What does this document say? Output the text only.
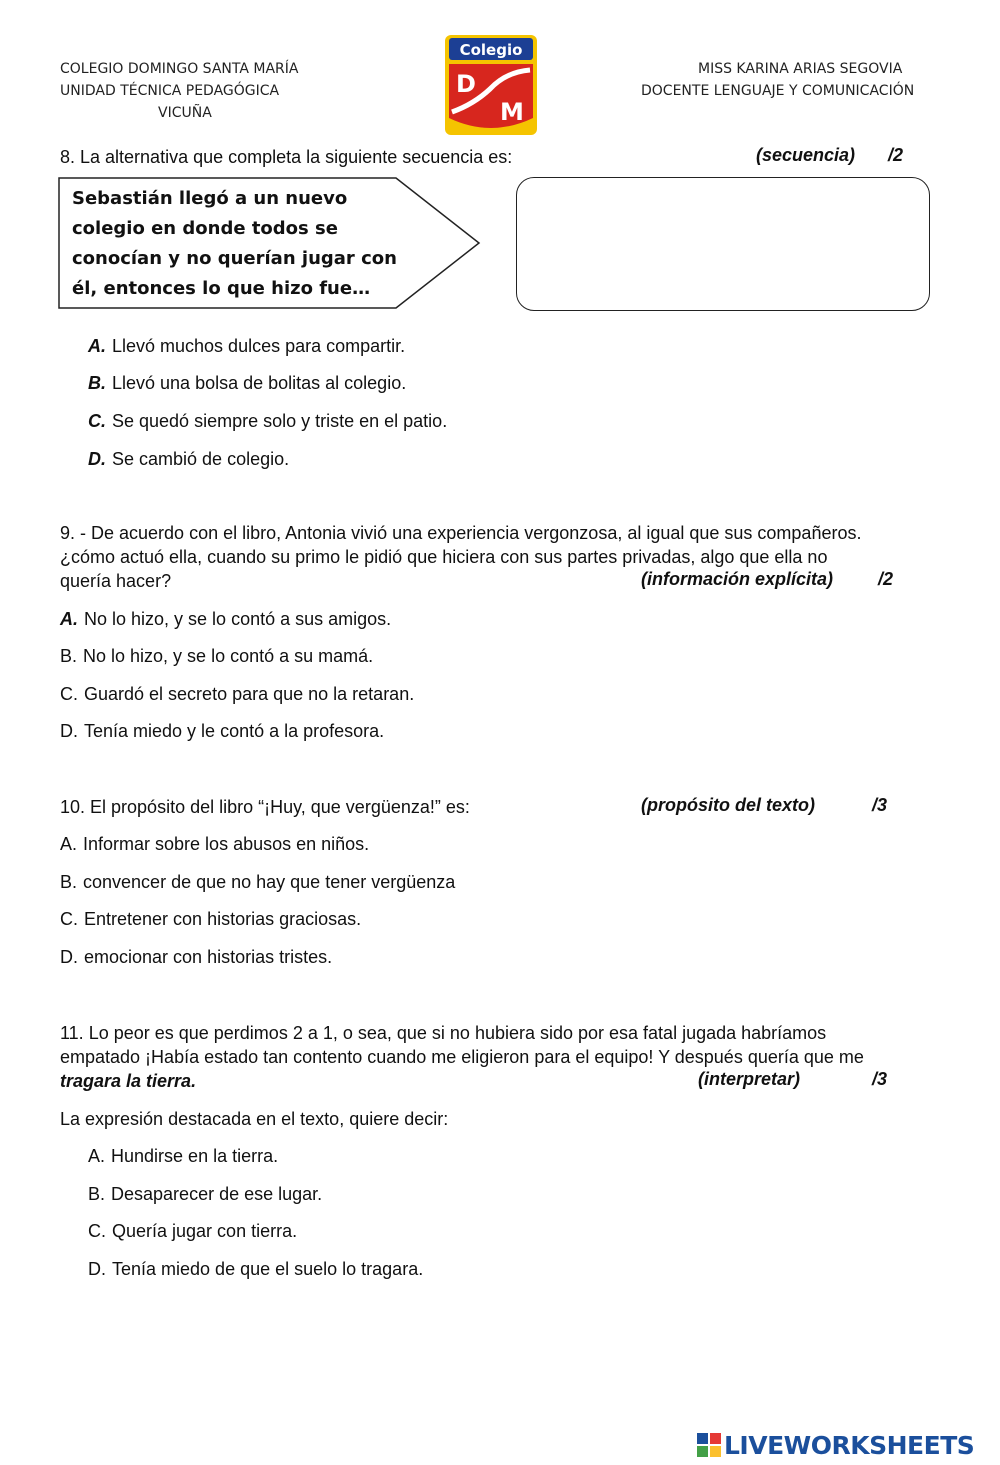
COLEGIO DOMINGO SANTA MARÍA
UNIDAD TÉCNICA PEDAGÓGICA
VICUÑA
MISS KARINA ARIAS SEGOVIA
DOCENTE LENGUAJE Y COMUNICACIÓN
Colegio
D
M
8. La alternativa que completa la siguiente secuencia es:	(secuencia) /2
Sebastián llegó a un nuevo colegio en donde todos se conocían y no querían jugar con él, entonces lo que hizo fue…
A. Llevó muchos dulces para compartir.
B. Llevó una bolsa de bolitas al colegio.
C. Se quedó siempre solo y triste en el patio.
D. Se cambió de colegio.
9. - De acuerdo con el libro, Antonia vivió una experiencia vergonzosa, al igual que sus compañeros.
¿cómo actuó ella, cuando su primo le pidió que hiciera con sus partes privadas, algo que ella no
quería hacer?	(información explícita) /2
A. No lo hizo, y se lo contó a sus amigos.
B. No lo hizo, y se lo contó a su mamá.
C. Guardó el secreto para que no la retaran.
D. Tenía miedo y le contó a la profesora.
10. El propósito del libro “¡Huy, que vergüenza!” es:	(propósito del texto)	/3
A. Informar sobre los abusos en niños.
B. convencer de que no hay que tener vergüenza
C. Entretener con historias graciosas.
D. emocionar con historias tristes.
11. Lo peor es que perdimos 2 a 1, o sea, que si no hubiera sido por esa fatal jugada habríamos
empatado ¡Había estado tan contento cuando me eligieron para el equipo! Y después quería que me
tragara la tierra.	(interpretar)	/3
La expresión destacada en el texto, quiere decir:
A. Hundirse en la tierra.
B. Desaparecer de ese lugar.
C. Quería jugar con tierra.
D. Tenía miedo de que el suelo lo tragara.
LIVEWORKSHEETS
